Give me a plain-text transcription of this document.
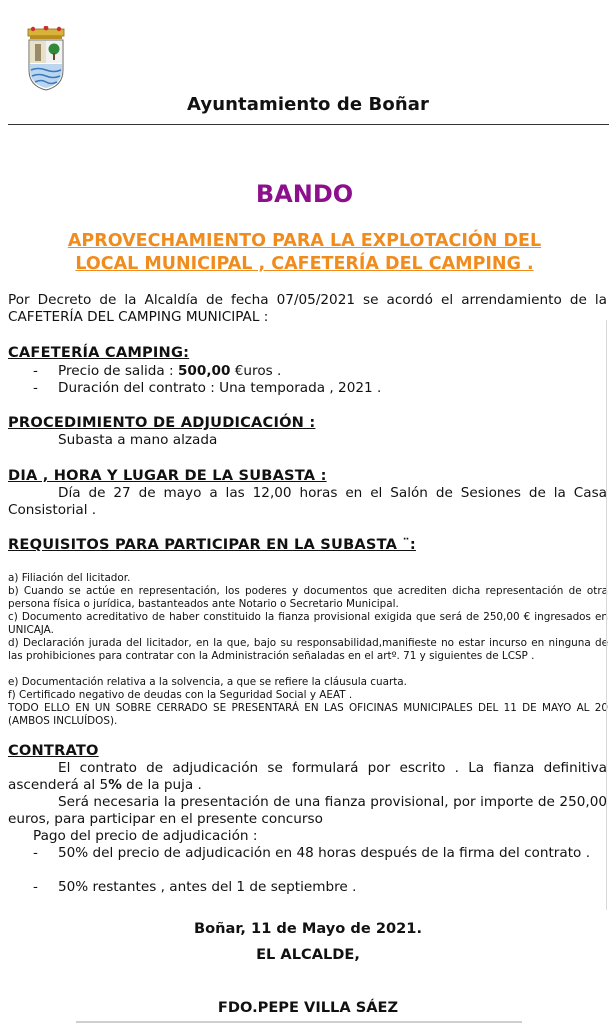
Ayuntamiento de Boñar
BANDO
APROVECHAMIENTO PARA LA EXPLOTACIÓN DEL
LOCAL MUNICIPAL , CAFETERÍA DEL CAMPING .
Por Decreto de la Alcaldía de fecha 07/05/2021 se acordó el arrendamiento de la CAFETERÍA DEL CAMPING MUNICIPAL :
CAFETERÍA CAMPING:
- Precio de salida : 500,00 €uros .
- Duración del contrato : Una temporada , 2021 .
PROCEDIMIENTO DE ADJUDICACIÓN :
Subasta a mano alzada
DIA , HORA Y LUGAR DE LA SUBASTA :
Día de 27 de mayo a las 12,00 horas en el Salón de Sesiones de la Casa Consistorial .
REQUISITOS PARA PARTICIPAR EN LA SUBASTA ¨:
a) Filiación del licitador.
b) Cuando se actúe en representación, los poderes y documentos que acrediten dicha representación de otra persona física o jurídica, bastanteados ante Notario o Secretario Municipal.
c) Documento acreditativo de haber constituido la fianza provisional exigida que será de 250,00 € ingresados en UNICAJA.
d) Declaración jurada del licitador, en la que, bajo su responsabilidad,manifieste no estar incurso en ninguna de las prohibiciones para contratar con la Administración señaladas en el artº. 71 y siguientes de LCSP .
e) Documentación relativa a la solvencia, a que se refiere la cláusula cuarta.
f) Certificado negativo de deudas con la Seguridad Social y AEAT .
TODO ELLO EN UN SOBRE CERRADO SE PRESENTARÁ EN LAS OFICINAS MUNICIPALES DEL 11 DE MAYO AL 20 (AMBOS INCLUÍDOS).
CONTRATO
El contrato de adjudicación se formulará por escrito . La fianza definitiva ascenderá al 5% de la puja .
Será necesaria la presentación de una fianza provisional, por importe de 250,00 euros, para participar en el presente concurso
Pago del precio de adjudicación :
- 50% del precio de adjudicación en 48 horas después de la firma del contrato .
- 50% restantes , antes del 1 de septiembre .
Boñar, 11 de Mayo de 2021.
EL ALCALDE,
FDO.PEPE VILLA SÁEZ
